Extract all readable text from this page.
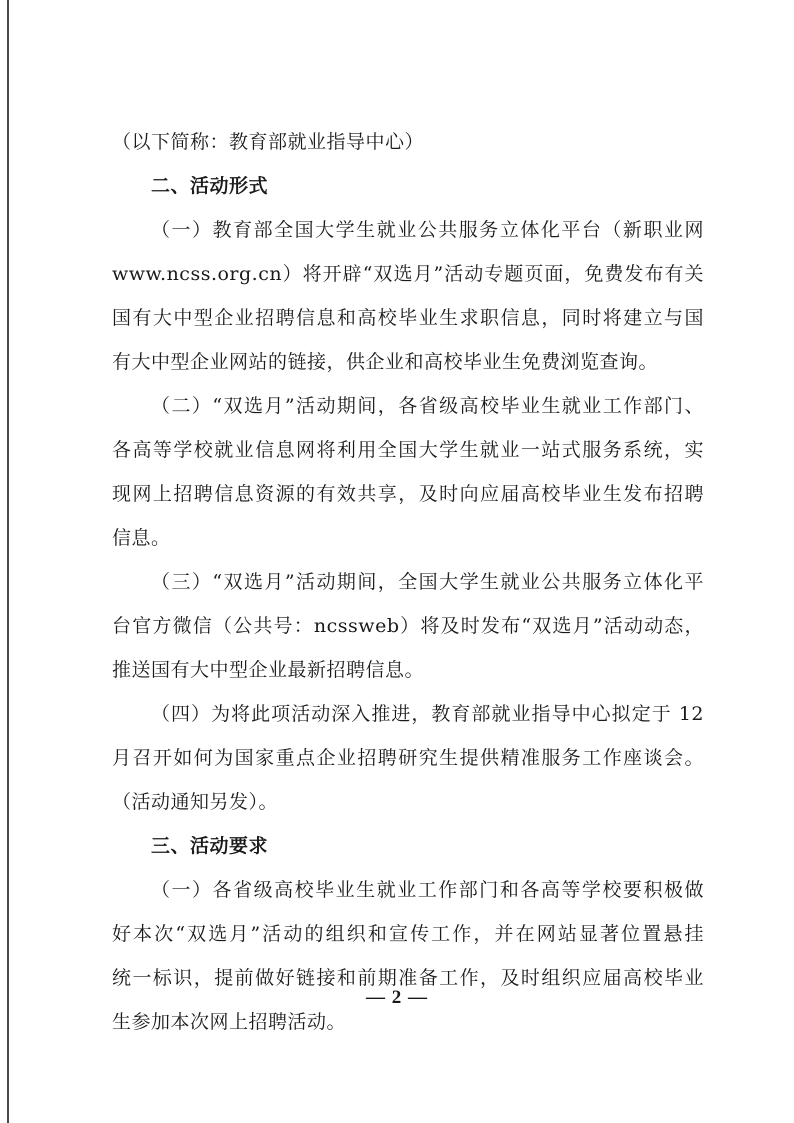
（以下简称：教育部就业指导中心）
二、活动形式
（一）教育部全国大学生就业公共服务立体化平台（新职业网
www.ncss.org.cn）将开辟“双选月”活动专题页面，免费发布有关
国有大中型企业招聘信息和高校毕业生求职信息，同时将建立与国
有大中型企业网站的链接，供企业和高校毕业生免费浏览查询。
（二）“双选月”活动期间，各省级高校毕业生就业工作部门、
各高等学校就业信息网将利用全国大学生就业一站式服务系统，实
现网上招聘信息资源的有效共享，及时向应届高校毕业生发布招聘
信息。
（三）“双选月”活动期间，全国大学生就业公共服务立体化平
台官方微信（公共号：ncssweb）将及时发布“双选月”活动动态，
推送国有大中型企业最新招聘信息。
（四）为将此项活动深入推进，教育部就业指导中心拟定于 12
月召开如何为国家重点企业招聘研究生提供精准服务工作座谈会。
（活动通知另发）。
三、活动要求
（一）各省级高校毕业生就业工作部门和各高等学校要积极做
好本次“双选月”活动的组织和宣传工作，并在网站显著位置悬挂
统一标识，提前做好链接和前期准备工作，及时组织应届高校毕业
生参加本次网上招聘活动。
— 2 —
